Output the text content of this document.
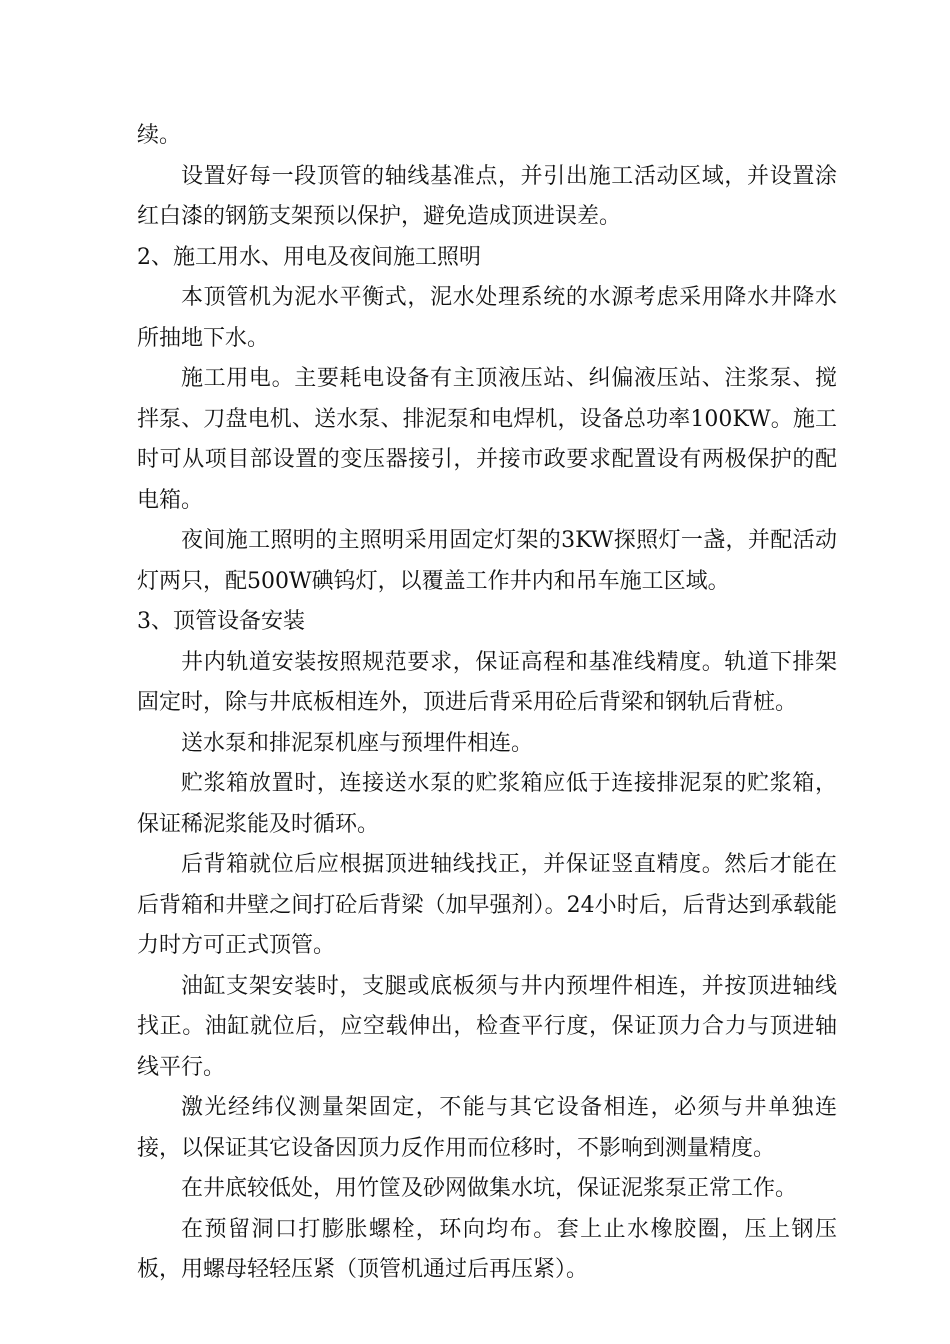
续。

设置好每一段顶管的轴线基准点，并引出施工活动区域，并设置涂红白漆的钢筋支架预以保护，避免造成顶进误差。

2、施工用水、用电及夜间施工照明

本顶管机为泥水平衡式，泥水处理系统的水源考虑采用降水井降水所抽地下水。

施工用电。主要耗电设备有主顶液压站、纠偏液压站、注浆泵、搅拌泵、刀盘电机、送水泵、排泥泵和电焊机，设备总功率100KW。施工时可从项目部设置的变压器接引，并接市政要求配置设有两极保护的配电箱。

夜间施工照明的主照明采用固定灯架的3KW探照灯一盏，并配活动灯两只，配500W碘钨灯，以覆盖工作井内和吊车施工区域。

3、顶管设备安装

井内轨道安装按照规范要求，保证高程和基准线精度。轨道下排架固定时，除与井底板相连外，顶进后背采用砼后背梁和钢轨后背桩。

送水泵和排泥泵机座与预埋件相连。

贮浆箱放置时，连接送水泵的贮浆箱应低于连接排泥泵的贮浆箱，保证稀泥浆能及时循环。

后背箱就位后应根据顶进轴线找正，并保证竖直精度。然后才能在后背箱和井壁之间打砼后背梁（加早强剂）。24小时后，后背达到承载能力时方可正式顶管。

油缸支架安装时，支腿或底板须与井内预埋件相连，并按顶进轴线找正。油缸就位后，应空载伸出，检查平行度，保证顶力合力与顶进轴线平行。

激光经纬仪测量架固定，不能与其它设备相连，必须与井单独连接，以保证其它设备因顶力反作用而位移时，不影响到测量精度。

在井底较低处，用竹筐及砂网做集水坑，保证泥浆泵正常工作。

在预留洞口打膨胀螺栓，环向均布。套上止水橡胶圈，压上钢压板，用螺母轻轻压紧（顶管机通过后再压紧）。
